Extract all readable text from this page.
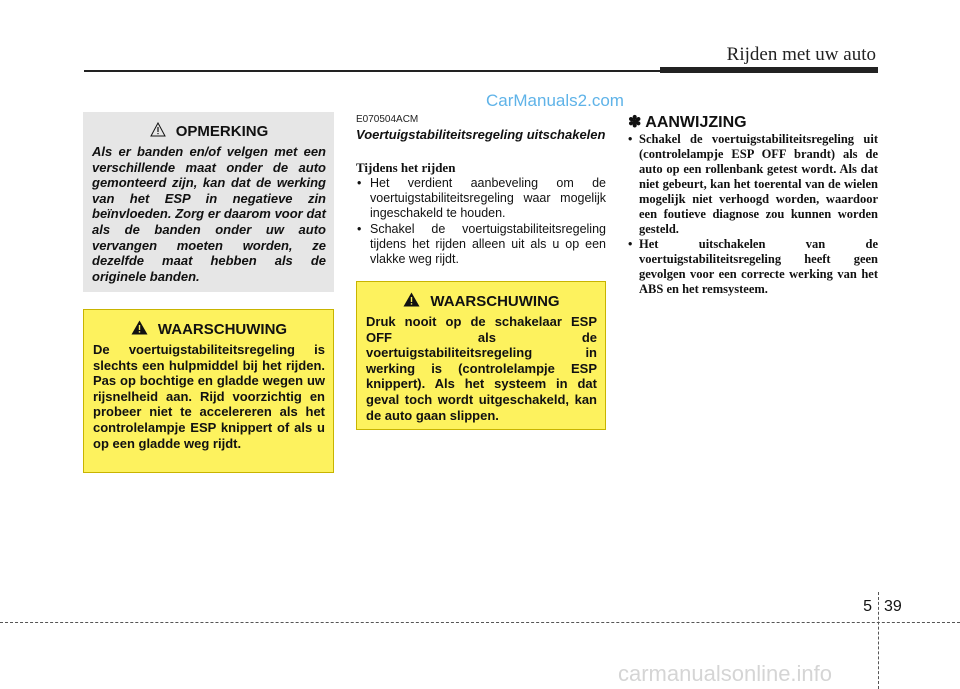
Rijden met uw auto
CarManuals2.com
OPMERKING
Als er banden en/of velgen met een verschillende maat onder de auto gemonteerd zijn, kan dat de werking van het ESP in negatieve zin beïnvloeden. Zorg er daarom voor dat als de banden onder uw auto vervangen moeten worden, ze dezelfde maat hebben als de originele banden.
WAARSCHUWING
De voertuigstabiliteitsregeling is slechts een hulpmiddel bij het rijden. Pas op bochtige en gladde wegen uw rijsnelheid aan. Rijd voorzichtig en probeer niet te accelereren als het controlelampje ESP knippert of als u op een gladde weg rijdt.
E070504ACM
Voertuigstabiliteitsregeling uitschakelen
Tijdens het rijden
• Het verdient aanbeveling om de voertuigstabiliteitsregeling waar mogelijk ingeschakeld te houden.
• Schakel de voertuigstabiliteitsregeling tijdens het rijden alleen uit als u op een vlakke weg rijdt.
WAARSCHUWING
Druk nooit op de schakelaar ESP OFF als de voertuigstabiliteitsregeling in werking is (controlelampje ESP knippert). Als het systeem in dat geval toch wordt uitgeschakeld, kan de auto gaan slippen.
✽ AANWIJZING
• Schakel de voertuigstabiliteitsregeling uit (controlelampje ESP OFF brandt) als de auto op een rollenbank getest wordt. Als dat niet gebeurt, kan het toerental van de wielen mogelijk niet verhoogd worden, waardoor een foutieve diagnose zou kunnen worden gesteld.
• Het uitschakelen van de voertuigstabiliteitsregeling heeft geen gevolgen voor een correcte werking van het ABS en het remsysteem.
5 39
carmanualsonline.info
